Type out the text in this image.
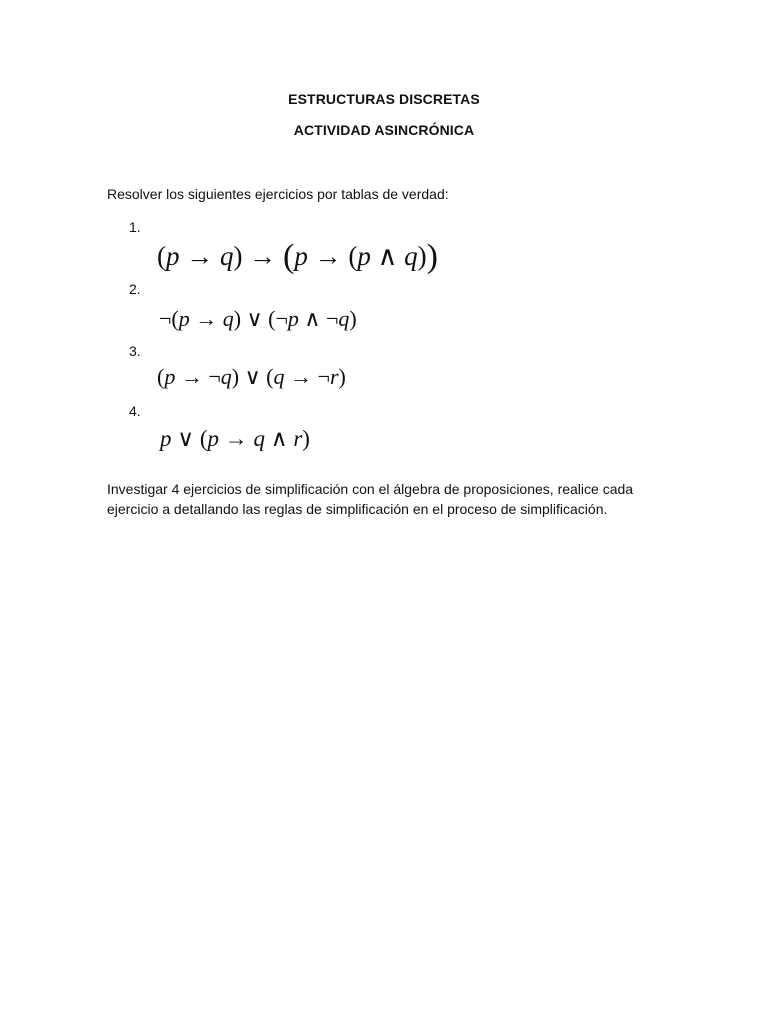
ESTRUCTURAS DISCRETAS
ACTIVIDAD ASINCRÓNICA
Resolver los siguientes ejercicios por tablas de verdad:
1.
(p → q) → (p → (p ∧ q))
2.
¬(p → q) ∨ (¬p ∧ ¬q)
3.
(p → ¬q) ∨ (q → ¬r)
4.
p ∨ (p → q ∧ r)
Investigar 4 ejercicios de simplificación con el álgebra de proposiciones, realice cada
ejercicio a detallando las reglas de simplificación en el proceso de simplificación.
